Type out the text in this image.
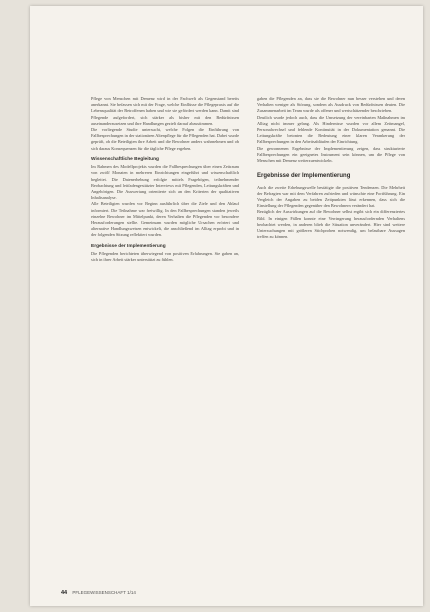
Pflege von Menschen mit Demenz wird in der Fachwelt als Gegenstand bereits anerkannt. Sie befassen sich mit der Frage, welche Einflüsse die Pflegepraxis auf die Lebensqualität der Betroffenen haben und wie sie gefördert werden kann. Damit sind Pflegende aufgefordert, sich stärker als bisher mit den Bedürfnissen auseinanderzusetzen und ihre Handlungen gezielt darauf abzustimmen.

Die vorliegende Studie untersucht, welche Folgen die Einführung von Fallbesprechungen in der stationären Altenpflege für die Pflegenden hat. Dabei wurde geprüft, ob die Beteiligten ihre Arbeit und die Bewohner anders wahrnehmen und ob sich daraus Konsequenzen für die tägliche Pflege ergeben.

Wissenschaftliche Begleitung

Im Rahmen des Modellprojekts wurden die Fallbesprechungen über einen Zeitraum von zwölf Monaten in mehreren Einrichtungen eingeführt und wissenschaftlich begleitet. Die Datenerhebung erfolgte mittels Fragebögen, teilnehmender Beobachtung und leitfadengestützter Interviews mit Pflegenden, Leitungskräften und Angehörigen. Die Auswertung orientierte sich an den Kriterien der qualitativen Inhaltsanalyse.

Alle Beteiligten wurden vor Beginn ausführlich über die Ziele und den Ablauf informiert. Die Teilnahme war freiwillig. In den Fallbesprechungen standen jeweils einzelne Bewohner im Mittelpunkt, deren Verhalten die Pflegenden vor besondere Herausforderungen stellte. Gemeinsam wurden mögliche Ursachen erörtert und alternative Handlungsweisen entwickelt, die anschließend im Alltag erprobt und in der folgenden Sitzung reflektiert wurden.

Ergebnisse der Implementierung

Die Pflegenden berichteten überwiegend von positiven Erfahrungen. Sie gaben an, sich in ihrer Arbeit stärker unterstützt zu fühlen.

gaben die Pflegenden an, dass sie die Bewohner nun besser verstehen und deren Verhalten weniger als Störung, sondern als Ausdruck von Bedürfnissen deuten. Die Zusammenarbeit im Team wurde als offener und wertschätzender beschrieben.

Deutlich wurde jedoch auch, dass die Umsetzung der vereinbarten Maßnahmen im Alltag nicht immer gelang. Als Hindernisse wurden vor allem Zeitmangel, Personalwechsel und fehlende Kontinuität in der Dokumentation genannt. Die Leitungskräfte betonten die Bedeutung einer klaren Verankerung der Fallbesprechungen in den Arbeitsabläufen der Einrichtung.

Die gewonnenen Ergebnisse der Implementierung zeigen, dass strukturierte Fallbesprechungen ein geeignetes Instrument sein können, um die Pflege von Menschen mit Demenz weiterzuentwickeln.

Ergebnisse der Implementierung

Auch die zweite Erhebungswelle bestätigte die positiven Tendenzen. Die Mehrheit der Befragten war mit dem Verfahren zufrieden und wünschte eine Fortführung. Ein Vergleich der Angaben zu beiden Zeitpunkten lässt erkennen, dass sich die Einstellung der Pflegenden gegenüber den Bewohnern verändert hat.

Bezüglich der Auswirkungen auf die Bewohner selbst ergibt sich ein differenziertes Bild. In einigen Fällen konnte eine Verringerung herausfordernden Verhaltens beobachtet werden, in anderen blieb die Situation unverändert. Hier sind weitere Untersuchungen mit größeren Stichproben notwendig, um belastbare Aussagen treffen zu können.

44 PFLEGEWISSENSCHAFT 1/14
